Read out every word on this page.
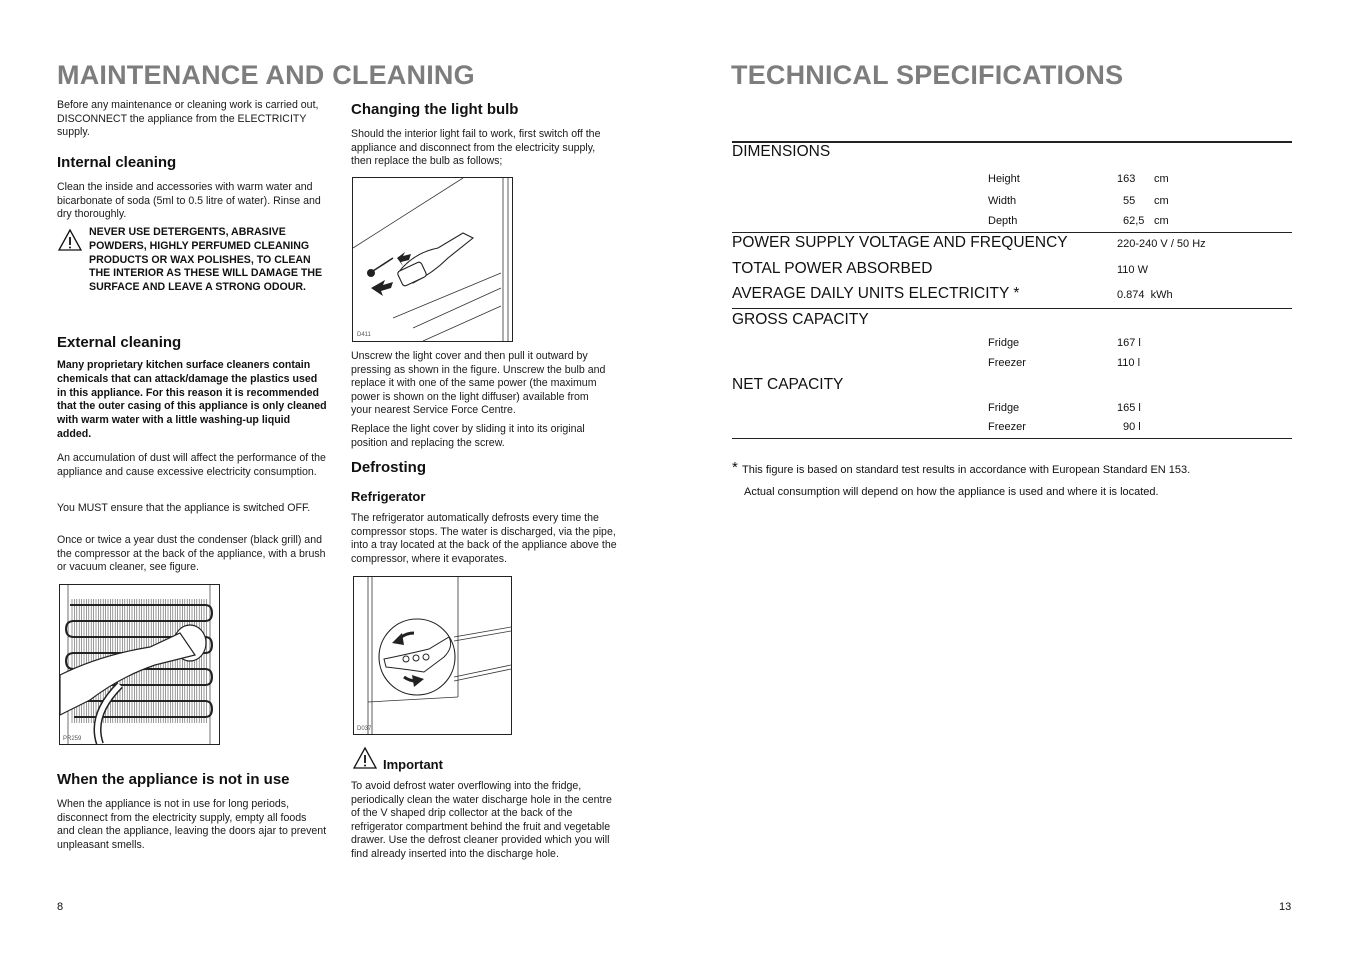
MAINTENANCE AND CLEANING
Before any maintenance or cleaning work is carried out, DISCONNECT the appliance from the ELECTRICITY supply.
Internal cleaning
Clean the inside and accessories with warm water and bicarbonate of soda (5ml to 0.5 litre of water). Rinse and dry thoroughly.
NEVER USE DETERGENTS, ABRASIVE POWDERS, HIGHLY PERFUMED CLEANING PRODUCTS OR WAX POLISHES, TO CLEAN THE INTERIOR AS THESE WILL DAMAGE THE SURFACE AND LEAVE A STRONG ODOUR.
External cleaning
Many proprietary kitchen surface cleaners contain chemicals that can attack/damage the plastics used in this appliance. For this reason it is recommended that the outer casing of this appliance is only cleaned with warm water with a little washing-up liquid added.
An accumulation of dust will affect the performance of the appliance and cause excessive electricity consumption.
You MUST ensure that the appliance is switched OFF.
Once or twice a year dust the condenser (black grill) and the compressor at the back of the appliance, with a brush or vacuum cleaner, see figure.
PR259
When the appliance is not in use
When the appliance is not in use for long periods, disconnect from the electricity supply, empty all foods and clean the appliance, leaving the doors ajar to prevent unpleasant smells.
8
Changing the light bulb
Should the interior light fail to work, first switch off the appliance and disconnect from the electricity supply, then replace the bulb as follows;
D411
Unscrew the light cover and then pull it outward by pressing as shown in the figure. Unscrew the bulb and replace it with one of the same power (the maximum power is shown on the light diffuser) available from your nearest Service Force Centre.
Replace the light cover by sliding it into its original position and replacing the screw.
Defrosting
Refrigerator
The refrigerator automatically defrosts every time the compressor stops. The water is discharged, via the pipe, into a tray located at the back of the appliance above the compressor, where it evaporates.
D037
Important
To avoid defrost water overflowing into the fridge, periodically clean the water discharge hole in the centre of the V shaped drip collector at the back of the refrigerator compartment behind the fruit and vegetable drawer. Use the defrost cleaner provided which you will find already inserted into the discharge hole.
TECHNICAL SPECIFICATIONS
DIMENSIONS
Height	163	cm
Width	55 cm
Depth	62,5 cm
POWER SUPPLY VOLTAGE AND FREQUENCY	220-240 V / 50 Hz
TOTAL POWER ABSORBED	110 W
AVERAGE DAILY UNITS ELECTRICITY *	0.874  kWh
GROSS CAPACITY
Fridge	167 l
Freezer	110 l
NET CAPACITY
Fridge	165 l
Freezer	90 l
* This figure is based on standard test results in accordance with European Standard EN 153.
Actual consumption will depend on how the appliance is used and where it is located.
13
